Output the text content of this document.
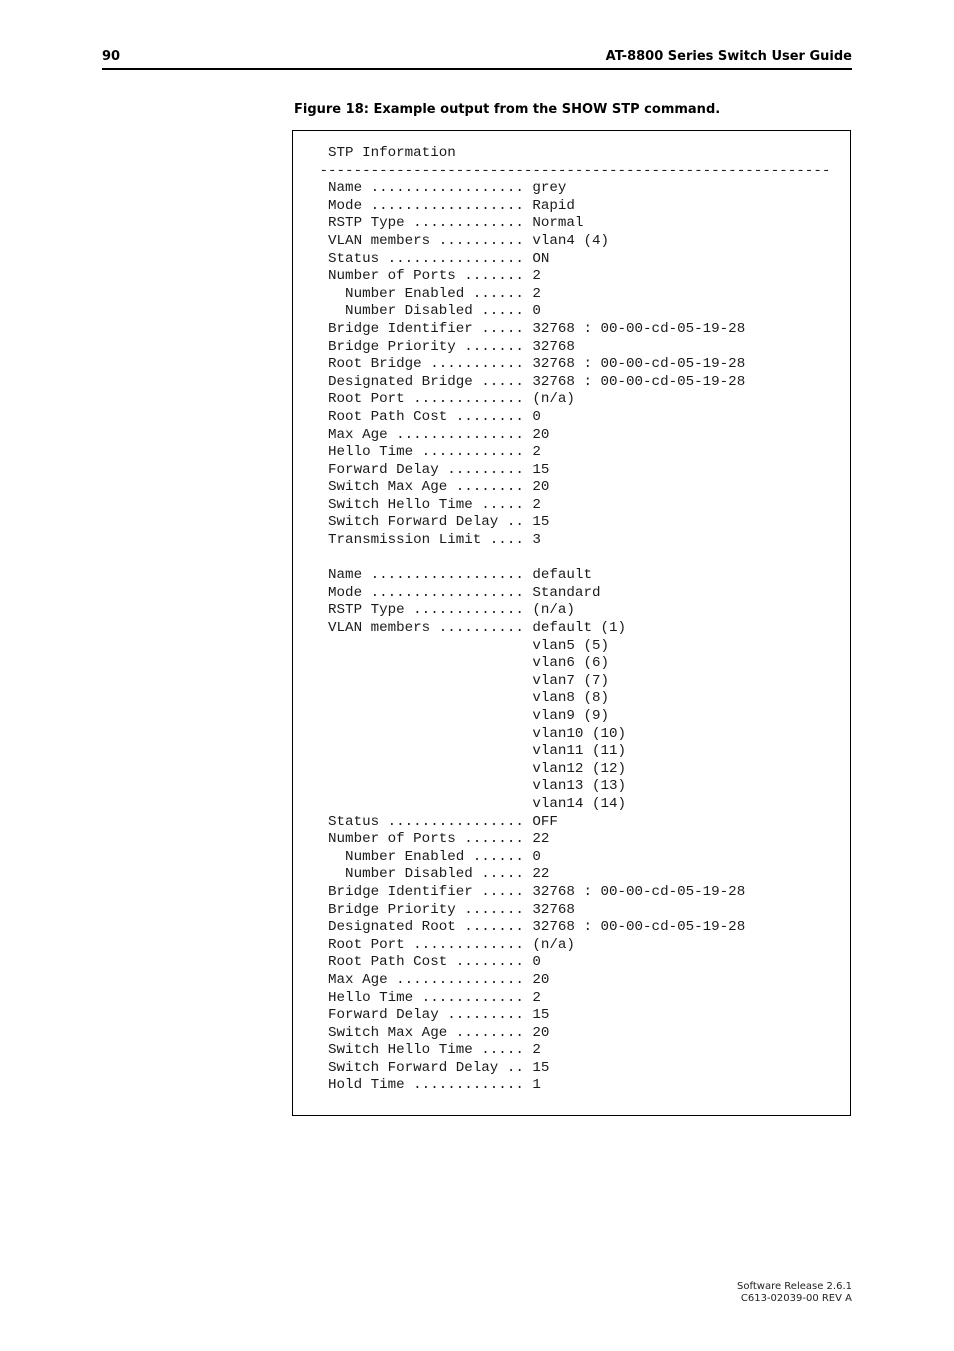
90	AT-8800 Series Switch User Guide
Figure 18: Example output from the SHOW STP command.
STP Information
------------------------------------------------------------
Name .................. grey
Mode .................. Rapid
RSTP Type ............. Normal
VLAN members .......... vlan4 (4)
Status ................ ON
Number of Ports ....... 2
Number Enabled ...... 2
Number Disabled ..... 0
Bridge Identifier ..... 32768 : 00-00-cd-05-19-28
Bridge Priority ....... 32768
Root Bridge ........... 32768 : 00-00-cd-05-19-28
Designated Bridge ..... 32768 : 00-00-cd-05-19-28
Root Port ............. (n/a)
Root Path Cost ........ 0
Max Age ............... 20
Hello Time ............ 2
Forward Delay ......... 15
Switch Max Age ........ 20
Switch Hello Time ..... 2
Switch Forward Delay .. 15
Transmission Limit .... 3

Name .................. default
Mode .................. Standard
RSTP Type ............. (n/a)
VLAN members .......... default (1)
vlan5 (5)
vlan6 (6)
vlan7 (7)
vlan8 (8)
vlan9 (9)
vlan10 (10)
vlan11 (11)
vlan12 (12)
vlan13 (13)
vlan14 (14)
Status ................ OFF
Number of Ports ....... 22
Number Enabled ...... 0
Number Disabled ..... 22
Bridge Identifier ..... 32768 : 00-00-cd-05-19-28
Bridge Priority ....... 32768
Designated Root ....... 32768 : 00-00-cd-05-19-28
Root Port ............. (n/a)
Root Path Cost ........ 0
Max Age ............... 20
Hello Time ............ 2
Forward Delay ......... 15
Switch Max Age ........ 20
Switch Hello Time ..... 2
Switch Forward Delay .. 15
Hold Time ............. 1

Software Release 2.6.1
C613-02039-00 REV A
